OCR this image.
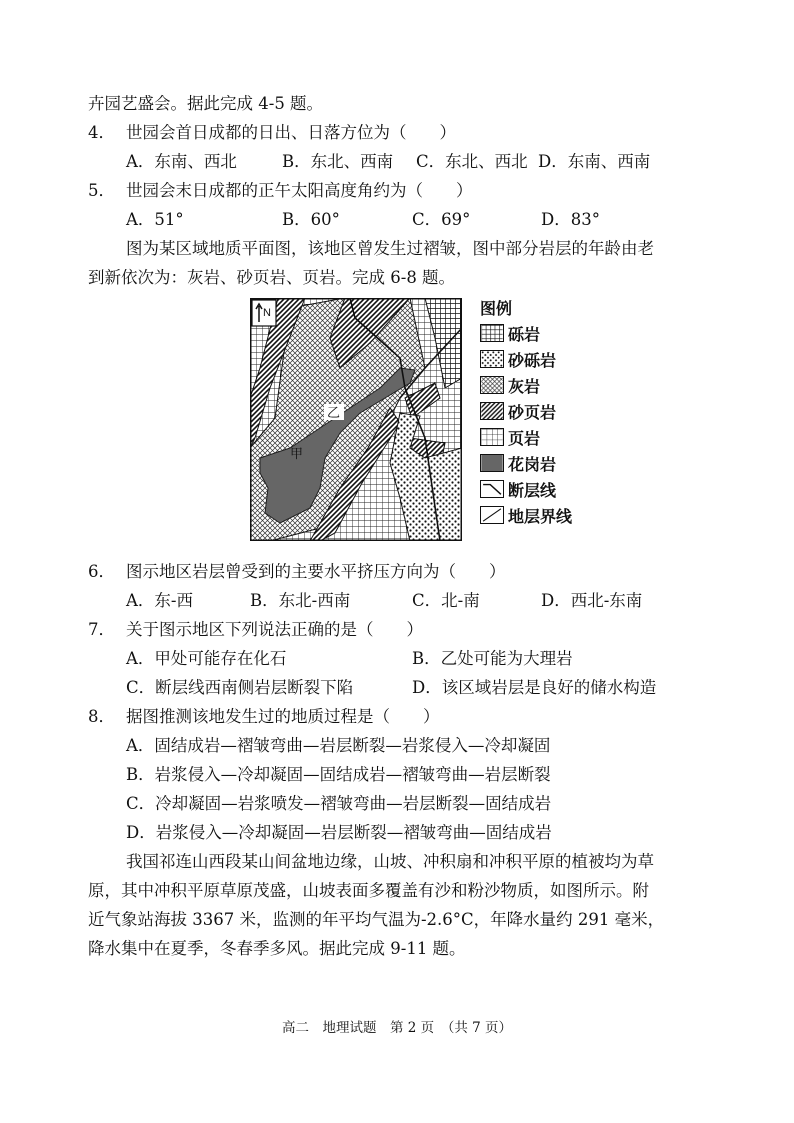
卉园艺盛会。据此完成 4-5 题。
4． 世园会首日成都的日出、日落方位为（　　）
A．东南、西北	B．东北、西南 C．东北、西北 D．东南、西南
5． 世园会末日成都的正午太阳高度角约为（　　）
A．51°	B．60°	C．69°	D．83°
图为某区域地质平面图，该地区曾发生过褶皱，图中部分岩层的年龄由老
到新依次为：灰岩、砂页岩、页岩。完成 6-8 题。
N
乙
甲
图例
砾岩
砂砾岩
灰岩
砂页岩
页岩
花岗岩
断层线
地层界线
6． 图示地区岩层曾受到的主要水平挤压方向为（　　）
A．东-西	B．东北-西南	C．北-南	D．西北-东南
7． 关于图示地区下列说法正确的是（　　）
A．甲处可能存在化石	B．乙处可能为大理岩
C．断层线西南侧岩层断裂下陷	D．该区域岩层是良好的储水构造
8． 据图推测该地发生过的地质过程是（　　）
A．固结成岩—褶皱弯曲—岩层断裂—岩浆侵入—冷却凝固
B．岩浆侵入—冷却凝固—固结成岩—褶皱弯曲—岩层断裂
C．冷却凝固—岩浆喷发—褶皱弯曲—岩层断裂—固结成岩
D．岩浆侵入—冷却凝固—岩层断裂—褶皱弯曲—固结成岩
我国祁连山西段某山间盆地边缘，山坡、冲积扇和冲积平原的植被均为草
原，其中冲积平原草原茂盛，山坡表面多覆盖有沙和粉沙物质，如图所示。附
近气象站海拔 3367 米，监测的年平均气温为-2.6°C，年降水量约 291 毫米，
降水集中在夏季，冬春季多风。据此完成 9-11 题。
高二　地理试题　第 2 页　（共 7 页）
